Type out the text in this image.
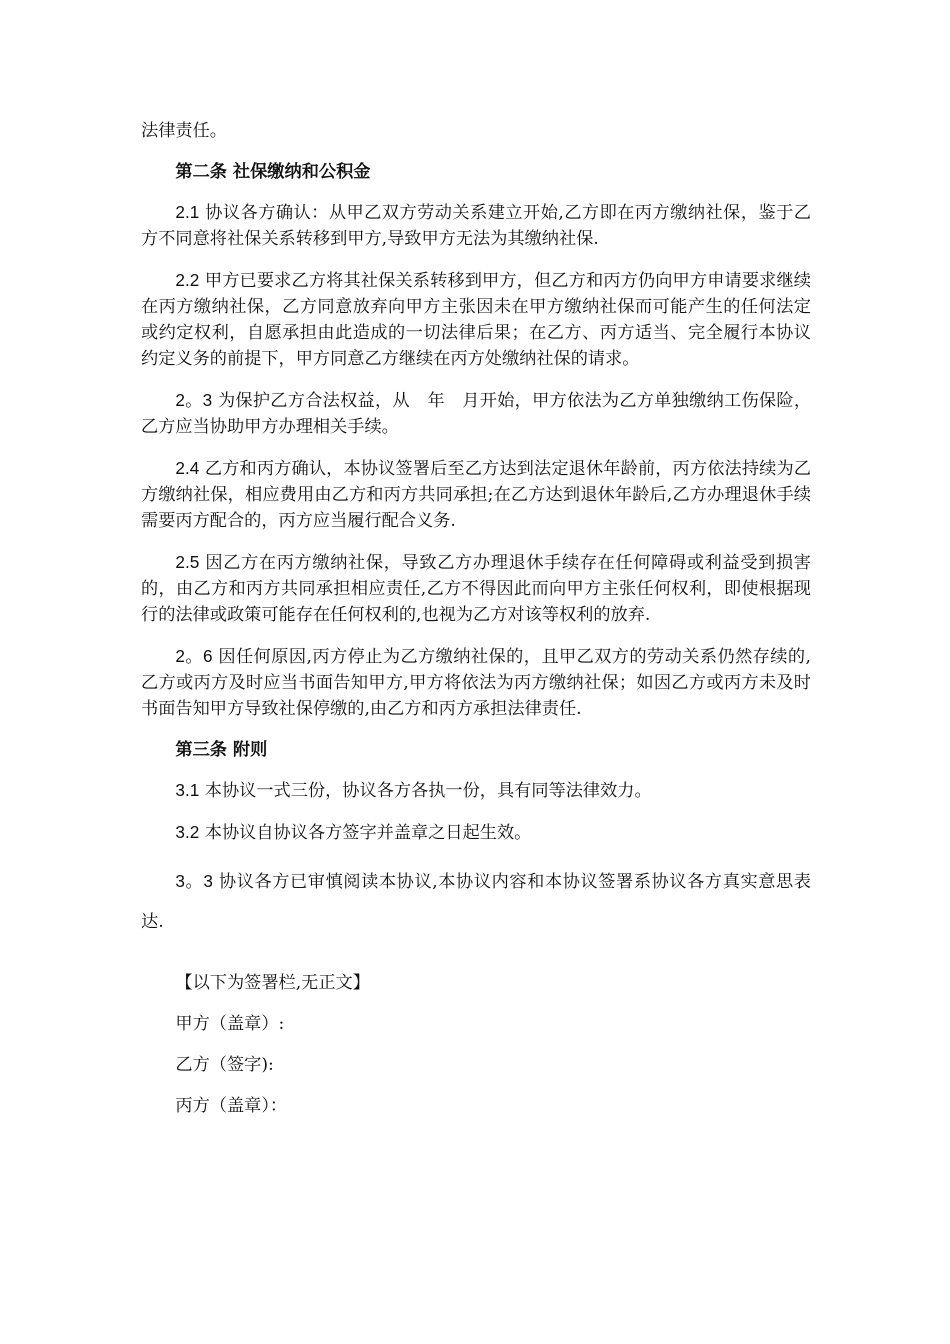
法律责任。

第二条 社保缴纳和公积金

2.1 协议各方确认：从甲乙双方劳动关系建立开始,乙方即在丙方缴纳社保，鉴于乙方不同意将社保关系转移到甲方,导致甲方无法为其缴纳社保.

2.2 甲方已要求乙方将其社保关系转移到甲方，但乙方和丙方仍向甲方申请要求继续在丙方缴纳社保，乙方同意放弃向甲方主张因未在甲方缴纳社保而可能产生的任何法定或约定权利，自愿承担由此造成的一切法律后果；在乙方、丙方适当、完全履行本协议约定义务的前提下，甲方同意乙方继续在丙方处缴纳社保的请求。

2。3 为保护乙方合法权益，从　年　月开始，甲方依法为乙方单独缴纳工伤保险，乙方应当协助甲方办理相关手续。

2.4 乙方和丙方确认，本协议签署后至乙方达到法定退休年龄前，丙方依法持续为乙方缴纳社保，相应费用由乙方和丙方共同承担;在乙方达到退休年龄后,乙方办理退休手续需要丙方配合的，丙方应当履行配合义务.

2.5 因乙方在丙方缴纳社保，导致乙方办理退休手续存在任何障碍或利益受到损害的，由乙方和丙方共同承担相应责任,乙方不得因此而向甲方主张任何权利，即使根据现行的法律或政策可能存在任何权利的,也视为乙方对该等权利的放弃.

2。6 因任何原因,丙方停止为乙方缴纳社保的，且甲乙双方的劳动关系仍然存续的,乙方或丙方及时应当书面告知甲方,甲方将依法为丙方缴纳社保；如因乙方或丙方未及时书面告知甲方导致社保停缴的,由乙方和丙方承担法律责任.

第三条 附则

3.1 本协议一式三份，协议各方各执一份，具有同等法律效力。

3.2 本协议自协议各方签字并盖章之日起生效。

3。3 协议各方已审慎阅读本协议,本协议内容和本协议签署系协议各方真实意思表达.

【以下为签署栏,无正文】

甲方（盖章）:

乙方（签字):

丙方（盖章）：
